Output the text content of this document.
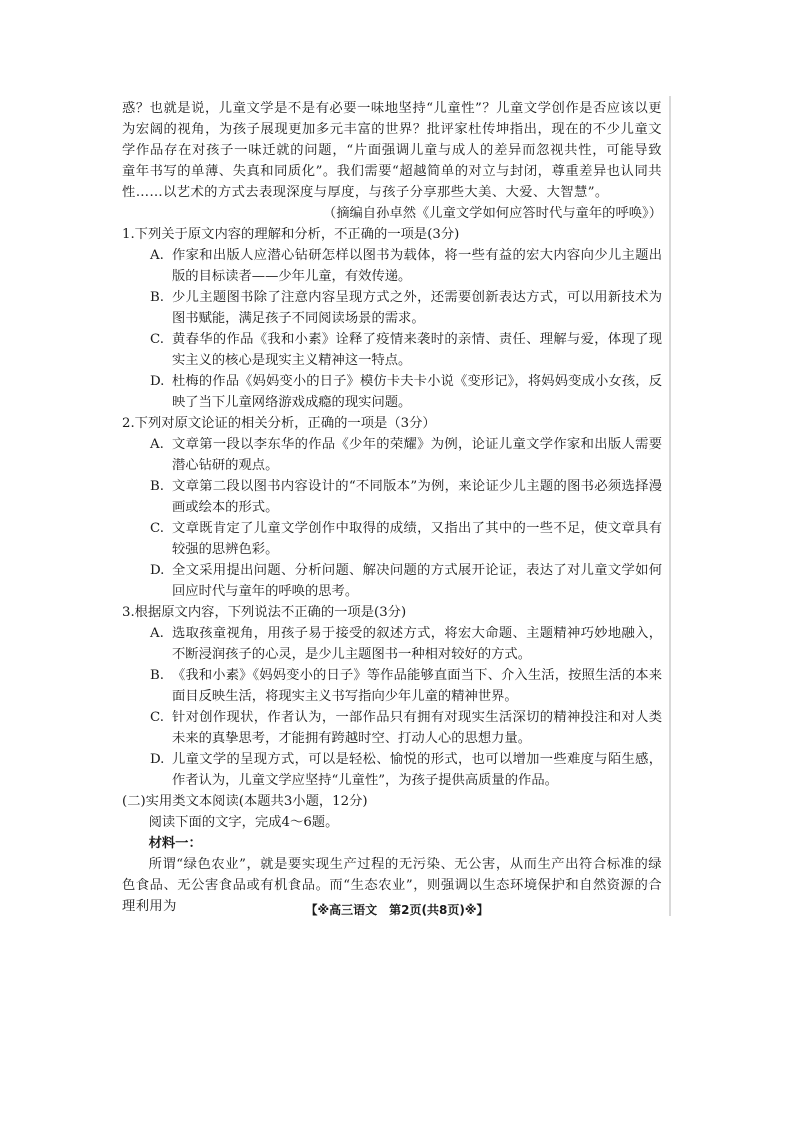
惑？也就是说，儿童文学是不是有必要一味地坚持“儿童性”？儿童文学创作是否应该以更为宏阔的视角，为孩子展现更加多元丰富的世界？批评家杜传坤指出，现在的不少儿童文学作品存在对孩子一味迁就的问题，“片面强调儿童与成人的差异而忽视共性，可能导致童年书写的单薄、失真和同质化”。我们需要“超越简单的对立与封闭，尊重差异也认同共性……以艺术的方式去表现深度与厚度，与孩子分享那些大美、大爱、大智慧”。

（摘编自孙卓然《儿童文学如何应答时代与童年的呼唤》）

1.下列关于原文内容的理解和分析，不正确的一项是(3分)

A. 作家和出版人应潜心钻研怎样以图书为载体，将一些有益的宏大内容向少儿主题出版的目标读者——少年儿童，有效传递。
B. 少儿主题图书除了注意内容呈现方式之外，还需要创新表达方式，可以用新技术为图书赋能，满足孩子不同阅读场景的需求。
C. 黄春华的作品《我和小素》诠释了疫情来袭时的亲情、责任、理解与爱，体现了现实主义的核心是现实主义精神这一特点。
D. 杜梅的作品《妈妈变小的日子》模仿卡夫卡小说《变形记》，将妈妈变成小女孩，反映了当下儿童网络游戏成瘾的现实问题。

2.下列对原文论证的相关分析，正确的一项是（3分）

A. 文章第一段以李东华的作品《少年的荣耀》为例，论证儿童文学作家和出版人需要潜心钻研的观点。
B. 文章第二段以图书内容设计的“不同版本”为例，来论证少儿主题的图书必须选择漫画或绘本的形式。
C. 文章既肯定了儿童文学创作中取得的成绩，又指出了其中的一些不足，使文章具有较强的思辨色彩。
D. 全文采用提出问题、分析问题、解决问题的方式展开论证，表达了对儿童文学如何回应时代与童年的呼唤的思考。

3.根据原文内容，下列说法不正确的一项是(3分)

A. 选取孩童视角，用孩子易于接受的叙述方式，将宏大命题、主题精神巧妙地融入，不断浸润孩子的心灵，是少儿主题图书一种相对较好的方式。
B. 《我和小素》《妈妈变小的日子》等作品能够直面当下、介入生活，按照生活的本来面目反映生活，将现实主义书写指向少年儿童的精神世界。
C. 针对创作现状，作者认为，一部作品只有拥有对现实生活深切的精神投注和对人类未来的真挚思考，才能拥有跨越时空、打动人心的思想力量。
D. 儿童文学的呈现方式，可以是轻松、愉悦的形式，也可以增加一些难度与陌生感，作者认为，儿童文学应坚持“儿童性”，为孩子提供高质量的作品。

(二)实用类文本阅读(本题共3小题，12分)

阅读下面的文字，完成4～6题。

材料一：

所谓“绿色农业”，就是要实现生产过程的无污染、无公害，从而生产出符合标准的绿色食品、无公害食品或有机食品。而“生态农业”，则强调以生态环境保护和自然资源的合理利用为	【※高三语文　第2页(共8页)※】
